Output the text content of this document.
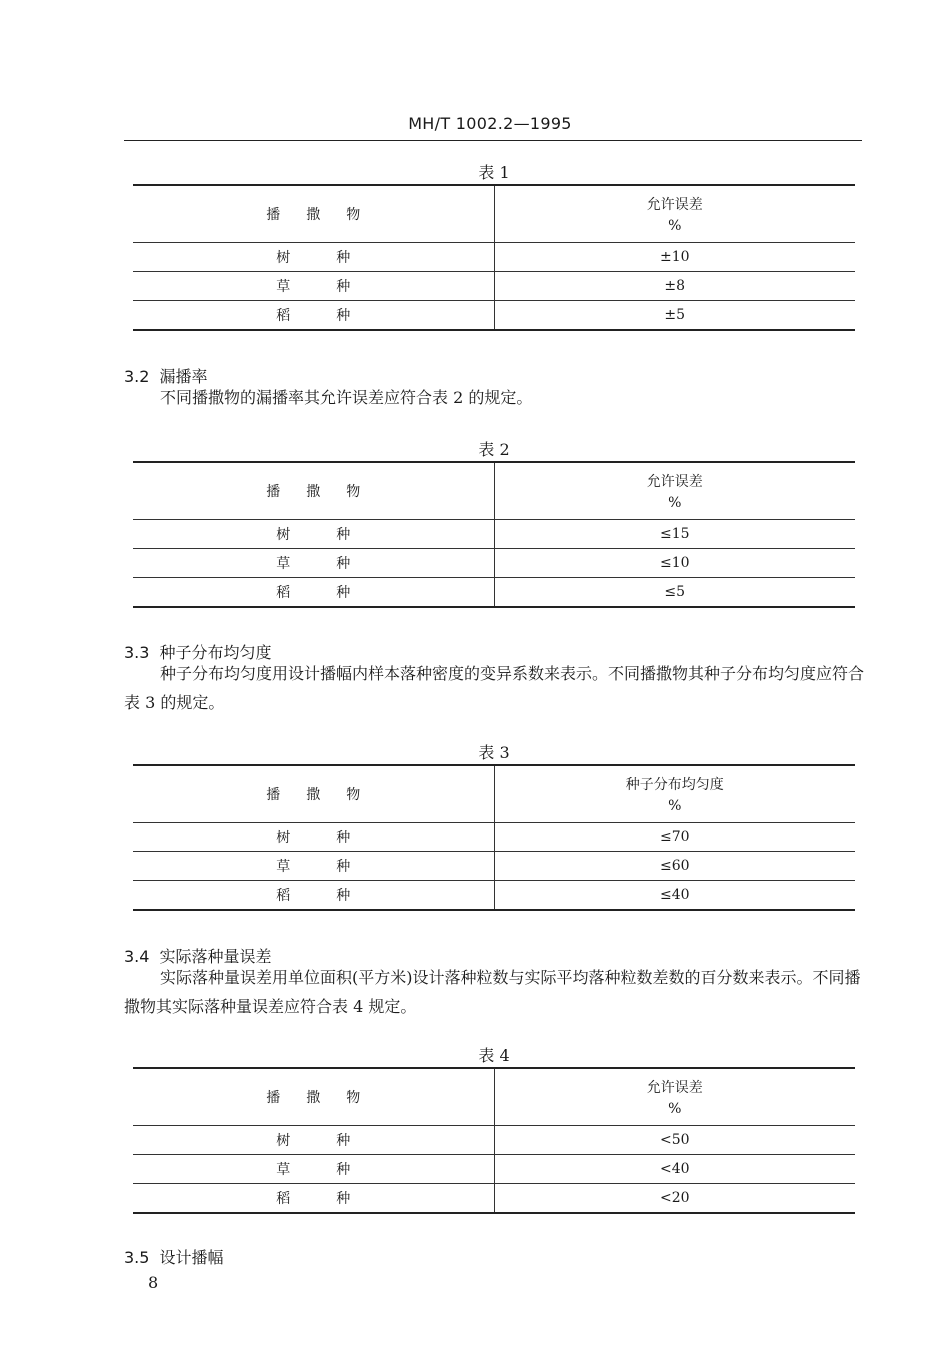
MH/T 1002.2—1995
表 1
播撒物	允许误差
%

树种	±10
草种	±8
稻种	±5
3.2 漏播率
不同播撒物的漏播率其允许误差应符合表 2 的规定。
表 2
播撒物	允许误差
%

树种	≤15
草种	≤10
稻种	≤5
3.3 种子分布均匀度
种子分布均匀度用设计播幅内样本落种密度的变异系数来表示。不同播撒物其种子分布均匀度应符合表 3 的规定。
表 3
播撒物	种子分布均匀度
%

树种	≤70
草种	≤60
稻种	≤40
3.4 实际落种量误差
实际落种量误差用单位面积(平方米)设计落种粒数与实际平均落种粒数差数的百分数来表示。不同播撒物其实际落种量误差应符合表 4 规定。
表 4
播撒物	允许误差
%

树种	<50
草种	<40
稻种	<20
3.5 设计播幅
8
